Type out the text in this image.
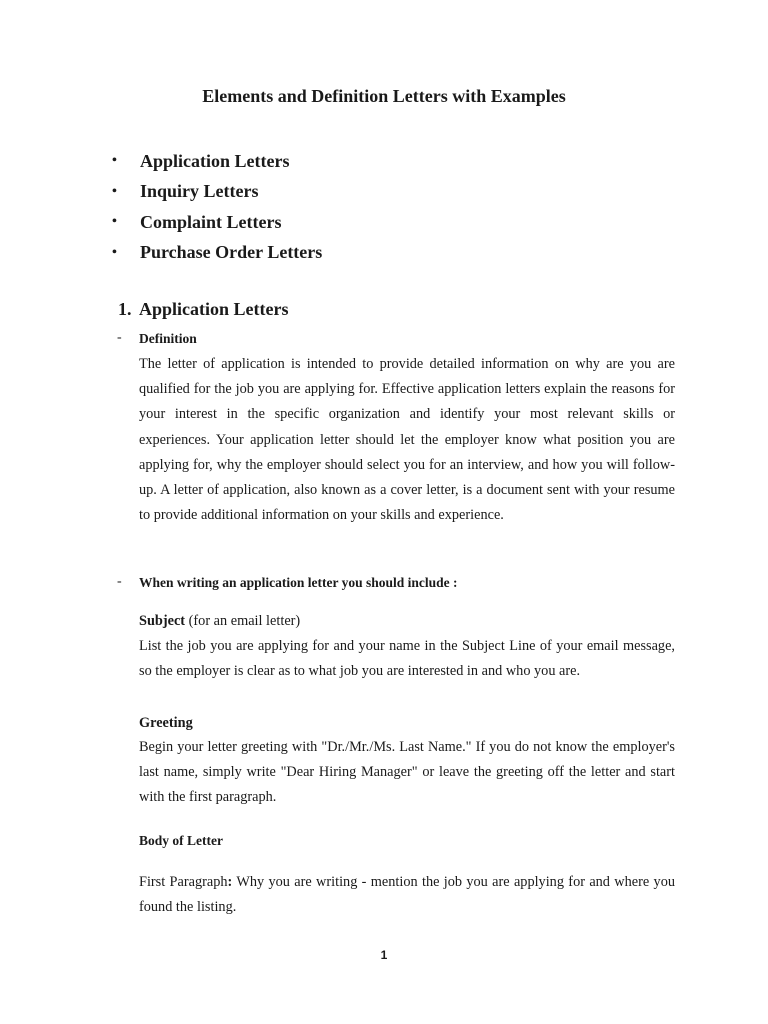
Elements and Definition Letters with Examples
•	Application Letters
•	Inquiry Letters
•	Complaint Letters
•	Purchase Order Letters
1. Application Letters
- Definition

The letter of application is intended to provide detailed information on why are you are qualified for the job you are applying for. Effective application letters explain the reasons for your interest in the specific organization and identify your most relevant skills or experiences. Your application letter should let the employer know what position you are applying for, why the employer should select you for an interview, and how you will follow-up. A letter of application, also known as a cover letter, is a document sent with your resume to provide additional information on your skills and experience.

- When writing an application letter you should include :
Subject (for an email letter)

List the job you are applying for and your name in the Subject Line of your email message, so the employer is clear as to what job you are interested in and who you are.

Greeting

Begin your letter greeting with "Dr./Mr./Ms. Last Name." If you do not know the employer's last name, simply write "Dear Hiring Manager" or leave the greeting off the letter and start with the first paragraph.

Body of Letter

First Paragraph: Why you are writing - mention the job you are applying for and where you found the listing.

1
